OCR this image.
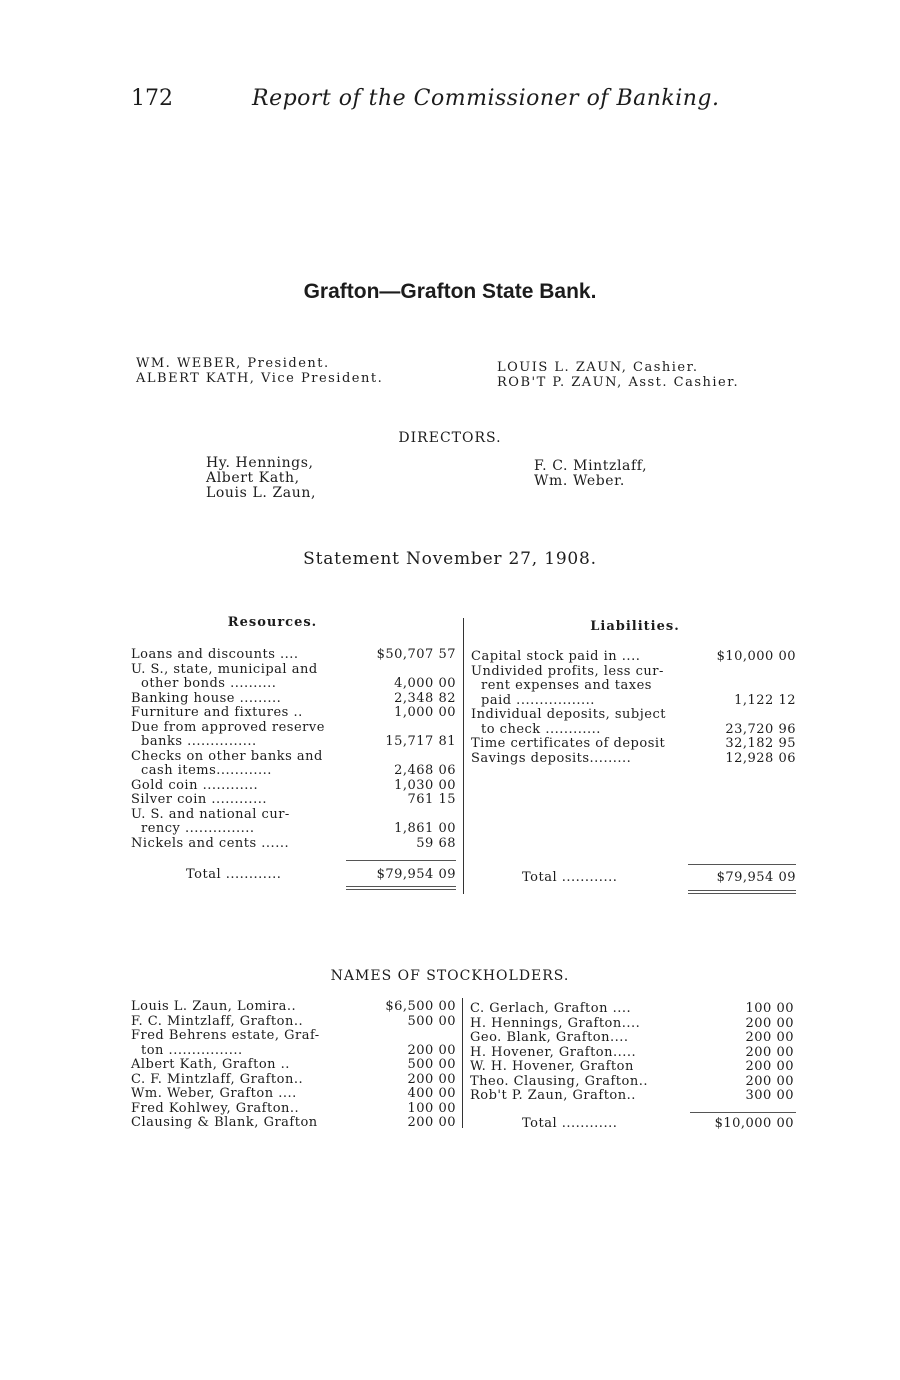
172	Report of the Commissioner of Banking.
Grafton—Grafton State Bank.
WM. WEBER, President.
ALBERT KATH, Vice President.
LOUIS L. ZAUN, Cashier.
ROB'T P. ZAUN, Asst. Cashier.
DIRECTORS.
Hy. Hennings,
Albert Kath,
Louis L. Zaun,
F. C. Mintzlaff,
Wm. Weber.
Statement November 27, 1908.
Resources.
Loans and discounts ....	$50,707 57
U. S., state, municipal and
other bonds ..........	4,000 00
Banking house .........	2,348 82
Furniture and fixtures ..	1,000 00
Due from approved reserve
banks ...............	15,717 81
Checks on other banks and
cash items............	2,468 06
Gold coin ............	1,030 00
Silver coin ............	761 15
U. S. and national cur-
rency ...............	1,861 00
Nickels and cents ......	59 68
Total ............	$79,954 09
Liabilities.
Capital stock paid in ....	$10,000 00
Undivided profits, less cur-
rent expenses and taxes
paid .................	1,122 12
Individual deposits, subject
to check ............	23,720 96
Time certificates of deposit	32,182 95
Savings deposits.........	12,928 06
Total ............	$79,954 09
NAMES OF STOCKHOLDERS.
Louis L. Zaun, Lomira..	$6,500 00
F. C. Mintzlaff, Grafton..	500 00
Fred Behrens estate, Graf-
ton ................	200 00
Albert Kath, Grafton ..	500 00
C. F. Mintzlaff, Grafton..	200 00
Wm. Weber, Grafton ....	400 00
Fred Kohlwey, Grafton..	100 00
Clausing & Blank, Grafton	200 00
C. Gerlach, Grafton ....	100 00
H. Hennings, Grafton....	200 00
Geo. Blank, Grafton....	200 00
H. Hovener, Grafton.....	200 00
W. H. Hovener, Grafton	200 00
Theo. Clausing, Grafton..	200 00
Rob't P. Zaun, Grafton..	300 00
Total ............	$10,000 00
